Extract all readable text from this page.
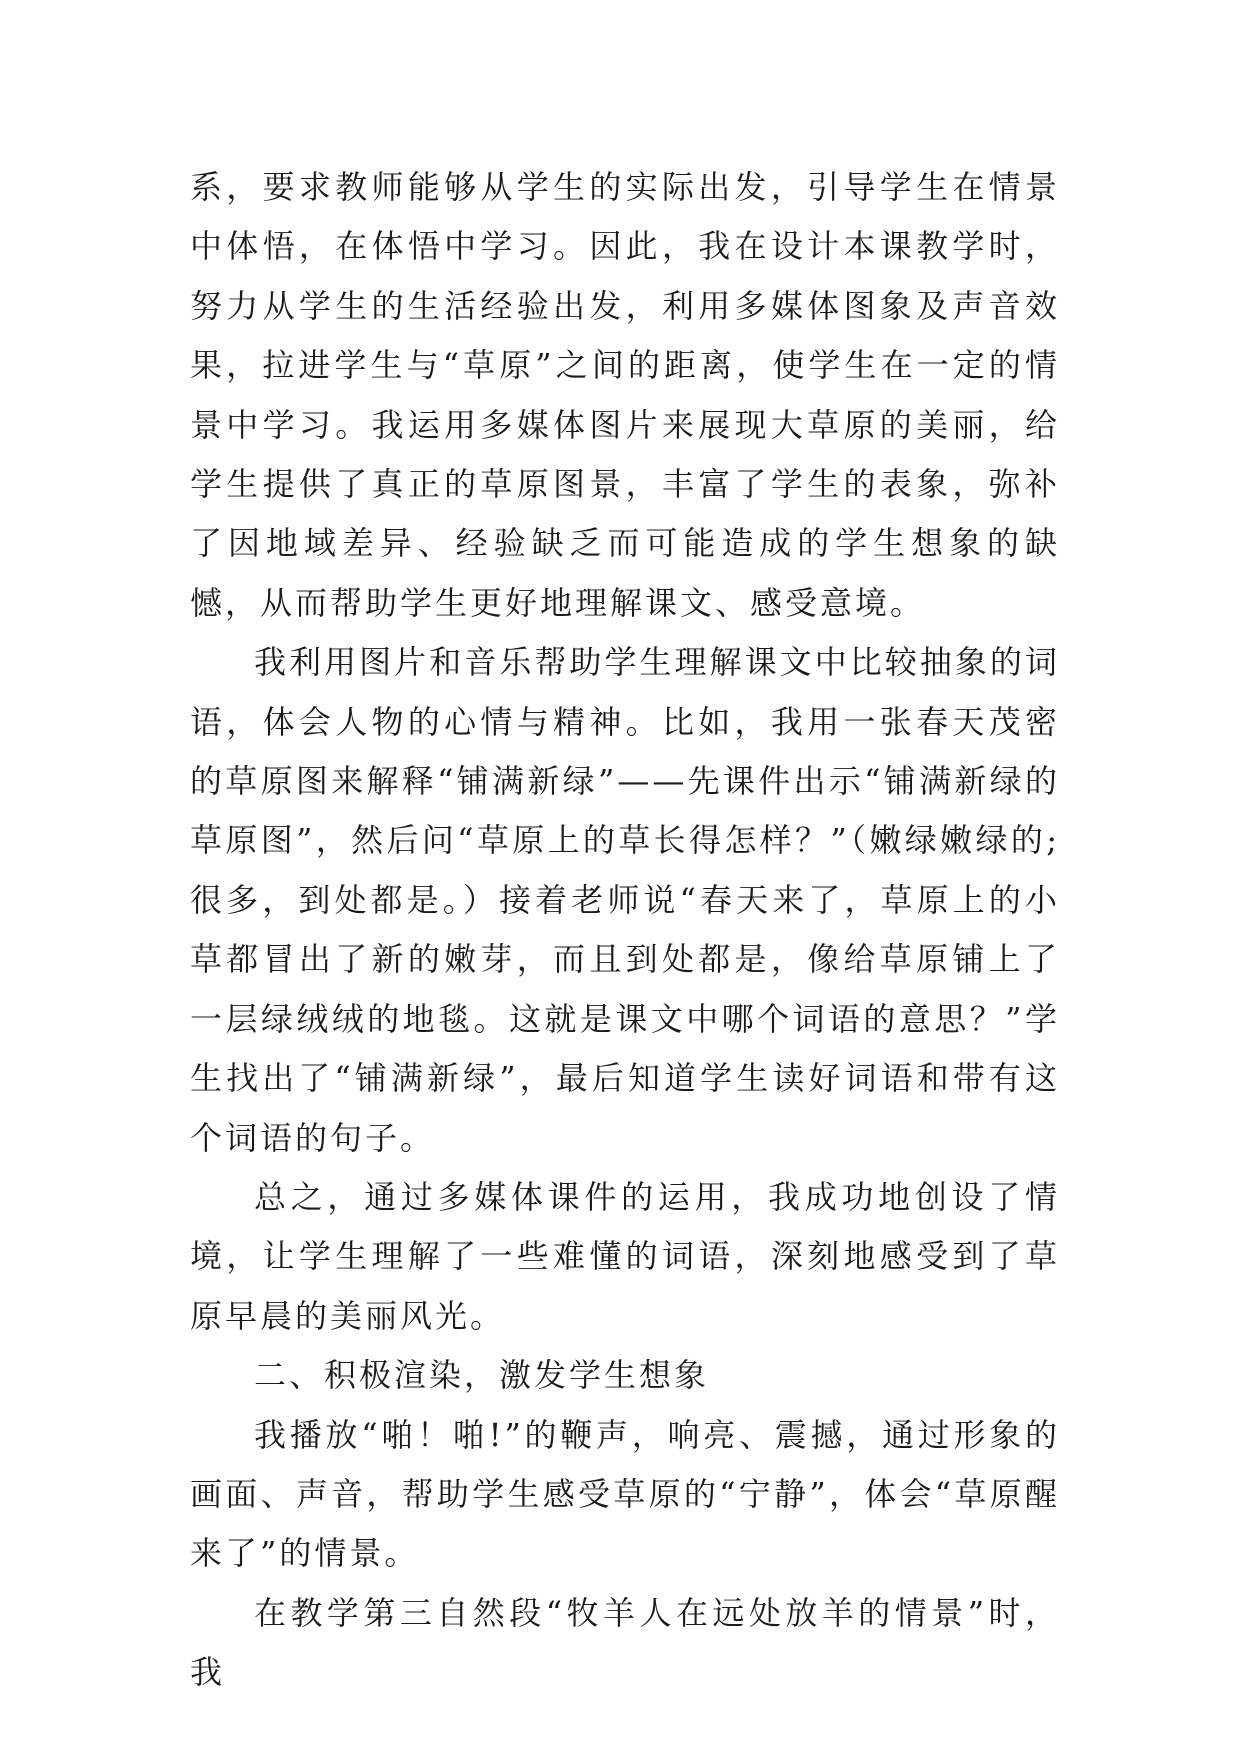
系，要求教师能够从学生的实际出发，引导学生在情景中体悟，在体悟中学习。因此，我在设计本课教学时，努力从学生的生活经验出发，利用多媒体图象及声音效果，拉进学生与“草原”之间的距离，使学生在一定的情景中学习。我运用多媒体图片来展现大草原的美丽，给学生提供了真正的草原图景，丰富了学生的表象，弥补了因地域差异、经验缺乏而可能造成的学生想象的缺憾，从而帮助学生更好地理解课文、感受意境。

我利用图片和音乐帮助学生理解课文中比较抽象的词语，体会人物的心情与精神。比如，我用一张春天茂密的草原图来解释“铺满新绿”——先课件出示“铺满新绿的草原图”，然后问“草原上的草长得怎样？”（嫩绿嫩绿的;很多，到处都是。）接着老师说“春天来了，草原上的小草都冒出了新的嫩芽，而且到处都是，像给草原铺上了一层绿绒绒的地毯。这就是课文中哪个词语的意思？”学生找出了“铺满新绿”，最后知道学生读好词语和带有这个词语的句子。

总之，通过多媒体课件的运用，我成功地创设了情境，让学生理解了一些难懂的词语，深刻地感受到了草原早晨的美丽风光。

二、积极渲染，激发学生想象

我播放“啪！啪!”的鞭声，响亮、震撼，通过形象的画面、声音，帮助学生感受草原的“宁静”，体会“草原醒来了”的情景。

在教学第三自然段“牧羊人在远处放羊的情景”时，我
